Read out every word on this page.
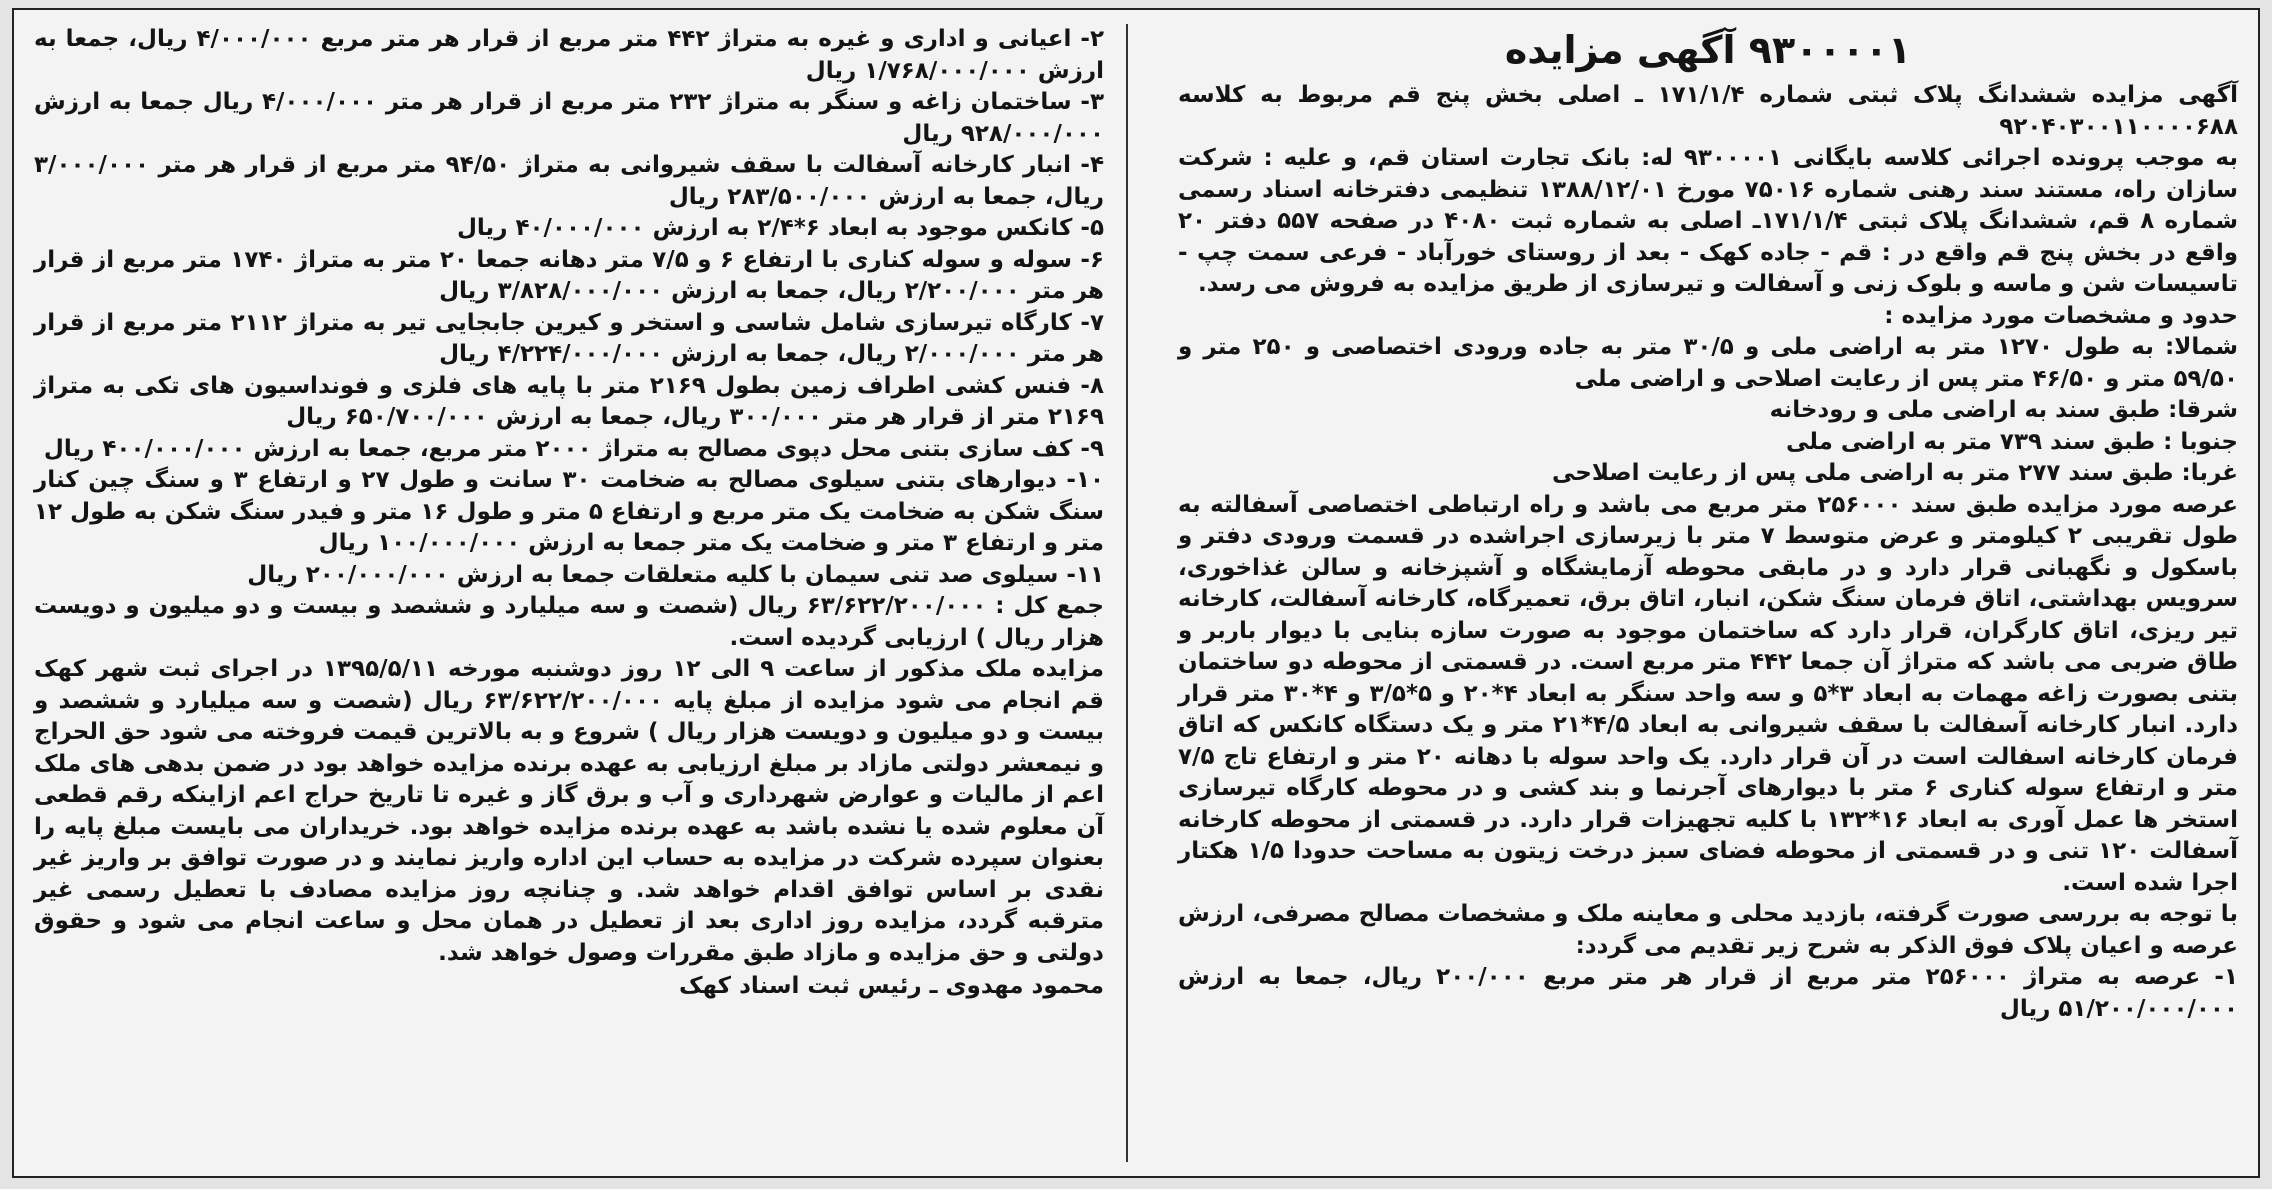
۹۳۰۰۰۰۱ آگهی مزایده

آگهی مزایده ششدانگ پلاک ثبتی شماره ۱۷۱/۱/۴ ـ اصلی بخش پنج قم مربوط به کلاسه ۹۲۰۴۰۳۰۰۱۱۰۰۰۰۶۸۸

به موجب پرونده اجرائی کلاسه بایگانی ۹۳۰۰۰۰۱ له: بانک تجارت استان قم، و علیه : شرکت سازان راه، مستند سند رهنی شماره ۷۵۰۱۶ مورخ ۱۳۸۸/۱۲/۰۱ تنظیمی دفترخانه اسناد رسمی شماره ۸ قم، ششدانگ پلاک ثبتی ۱۷۱/۱/۴ـ اصلی به شماره ثبت ۴۰۸۰ در صفحه ۵۵۷ دفتر ۲۰ واقع در بخش پنج قم واقع در : قم - جاده کهک - بعد از روستای خورآباد - فرعی سمت چپ - تاسیسات شن و ماسه و بلوک زنی و آسفالت و تیرسازی از طریق مزایده به فروش می رسد.

حدود و مشخصات مورد مزایده :

شمالا: به طول ۱۲۷۰ متر به اراضی ملی و ۳۰/۵ متر به جاده ورودی اختصاصی و ۲۵۰ متر و ۵۹/۵۰ متر و ۴۶/۵۰ متر پس از رعایت اصلاحی و اراضی ملی

شرقا: طبق سند به اراضی ملی و رودخانه

جنوبا : طبق سند ۷۳۹ متر به اراضی ملی

غربا: طبق سند ۲۷۷ متر به اراضی ملی پس از رعایت اصلاحی

عرصه مورد مزایده طبق سند ۲۵۶۰۰۰ متر مربع می باشد و راه ارتباطی اختصاصی آسفالته به طول تقریبی ۲ کیلومتر و عرض متوسط ۷ متر با زیرسازی اجراشده در قسمت ورودی دفتر و باسکول و نگهبانی قرار دارد و در مابقی محوطه آزمایشگاه و آشپزخانه و سالن غذاخوری، سرویس بهداشتی، اتاق فرمان سنگ شکن، انبار، اتاق برق، تعمیرگاه، کارخانه آسفالت، کارخانه تیر ریزی، اتاق کارگران، قرار دارد که ساختمان موجود به صورت سازه بنایی با دیوار باربر و طاق ضربی می باشد که متراژ آن جمعا ۴۴۲ متر مربع است. در قسمتی از محوطه دو ساختمان بتنی بصورت زاغه مهمات به ابعاد ۳*۵ و سه واحد سنگر به ابعاد ۴*۲۰ و ۵*۳/۵ و ۴*۳۰ متر قرار دارد. انبار کارخانه آسفالت با سقف شیروانی به ابعاد ۴/۵*۲۱ متر و یک دستگاه کانکس که اتاق فرمان کارخانه اسفالت است در آن قرار دارد. یک واحد سوله با دهانه ۲۰ متر و ارتفاع تاج ۷/۵ متر و ارتفاع سوله کناری ۶ متر با دیوارهای آجرنما و بند کشی و در محوطه کارگاه تیرسازی استخر ها عمل آوری به ابعاد ۱۶*۱۳۲ با کلیه تجهیزات قرار دارد. در قسمتی از محوطه کارخانه آسفالت ۱۲۰ تنی و در قسمتی از محوطه فضای سبز درخت زیتون به مساحت حدودا ۱/۵ هکتار اجرا شده است.

با توجه به بررسی صورت گرفته، بازدید محلی و معاینه ملک و مشخصات مصالح مصرفی، ارزش عرصه و اعیان پلاک فوق الذکر به شرح زیر تقدیم می گردد:

۱- عرصه به متراژ ۲۵۶۰۰۰ متر مربع از قرار هر متر مربع ۲۰۰/۰۰۰ ریال، جمعا به ارزش ۵۱/۲۰۰/۰۰۰/۰۰۰ ریال

۲- اعیانی و اداری و غیره به متراژ ۴۴۲ متر مربع از قرار هر متر مربع ۴/۰۰۰/۰۰۰ ریال، جمعا به ارزش ۱/۷۶۸/۰۰۰/۰۰۰ ریال

۳- ساختمان زاغه و سنگر به متراژ ۲۳۲ متر مربع از قرار هر متر ۴/۰۰۰/۰۰۰ ریال جمعا به ارزش ۹۲۸/۰۰۰/۰۰۰ ریال

۴- انبار کارخانه آسفالت با سقف شیروانی به متراژ ۹۴/۵۰ متر مربع از قرار هر متر ۳/۰۰۰/۰۰۰ ریال، جمعا به ارزش ۲۸۳/۵۰۰/۰۰۰ ریال

۵- کانکس موجود به ابعاد ۶*۲/۴ به ارزش ۴۰/۰۰۰/۰۰۰ ریال

۶- سوله و سوله کناری با ارتفاع ۶ و ۷/۵ متر دهانه جمعا ۲۰ متر به متراژ ۱۷۴۰ متر مربع از قرار هر متر ۲/۲۰۰/۰۰۰ ریال، جمعا به ارزش ۳/۸۲۸/۰۰۰/۰۰۰ ریال

۷- کارگاه تیرسازی شامل شاسی و استخر و کیرین جابجایی تیر به متراژ ۲۱۱۲ متر مربع از قرار هر متر ۲/۰۰۰/۰۰۰ ریال، جمعا به ارزش ۴/۲۲۴/۰۰۰/۰۰۰ ریال

۸- فنس کشی اطراف زمین بطول ۲۱۶۹ متر با پایه های فلزی و فونداسیون های تکی به متراژ ۲۱۶۹ متر از قرار هر متر ۳۰۰/۰۰۰ ریال، جمعا به ارزش ۶۵۰/۷۰۰/۰۰۰ ریال

۹- کف سازی بتنی محل دپوی مصالح به متراژ ۲۰۰۰ متر مربع، جمعا به ارزش ۴۰۰/۰۰۰/۰۰۰ ریال

۱۰- دیوارهای بتنی سیلوی مصالح به ضخامت ۳۰ سانت و طول ۲۷ و ارتفاع ۳ و سنگ چین کنار سنگ شکن به ضخامت یک متر مربع و ارتفاع ۵ متر و طول ۱۶ متر و فیدر سنگ شکن به طول ۱۲ متر و ارتفاع ۳ متر و ضخامت یک متر جمعا به ارزش ۱۰۰/۰۰۰/۰۰۰ ریال

۱۱- سیلوی صد تنی سیمان با کلیه متعلقات جمعا به ارزش ۲۰۰/۰۰۰/۰۰۰ ریال

جمع کل : ۶۳/۶۲۲/۲۰۰/۰۰۰ ریال (شصت و سه میلیارد و ششصد و بیست و دو میلیون و دویست هزار ریال ) ارزیابی گردیده است.

مزایده ملک مذکور از ساعت ۹ الی ۱۲ روز دوشنبه مورخه ۱۳۹۵/۵/۱۱ در اجرای ثبت شهر کهک قم انجام می شود مزایده از مبلغ پایه ۶۳/۶۲۲/۲۰۰/۰۰۰ ریال (شصت و سه میلیارد و ششصد و بیست و دو میلیون و دویست هزار ریال ) شروع و به بالاترین قیمت فروخته می شود حق الحراج و نیمعشر دولتی مازاد بر مبلغ ارزیابی به عهده برنده مزایده خواهد بود در ضمن بدهی های ملک اعم از مالیات و عوارض شهرداری و آب و برق گاز و غیره تا تاریخ حراج اعم ازاینکه رقم قطعی آن معلوم شده یا نشده باشد به عهده برنده مزایده خواهد بود. خریداران می بایست مبلغ پایه را بعنوان سپرده شرکت در مزایده به حساب این اداره واریز نمایند و در صورت توافق بر واریز غیر نقدی بر اساس توافق اقدام خواهد شد. و چنانچه روز مزایده مصادف با تعطیل رسمی غیر مترقبه گردد، مزایده روز اداری بعد از تعطیل در همان محل و ساعت انجام می شود و حقوق دولتی و حق مزایده و مازاد طبق مقررات وصول خواهد شد.

محمود مهدوی ـ رئیس ثبت اسناد کهک
